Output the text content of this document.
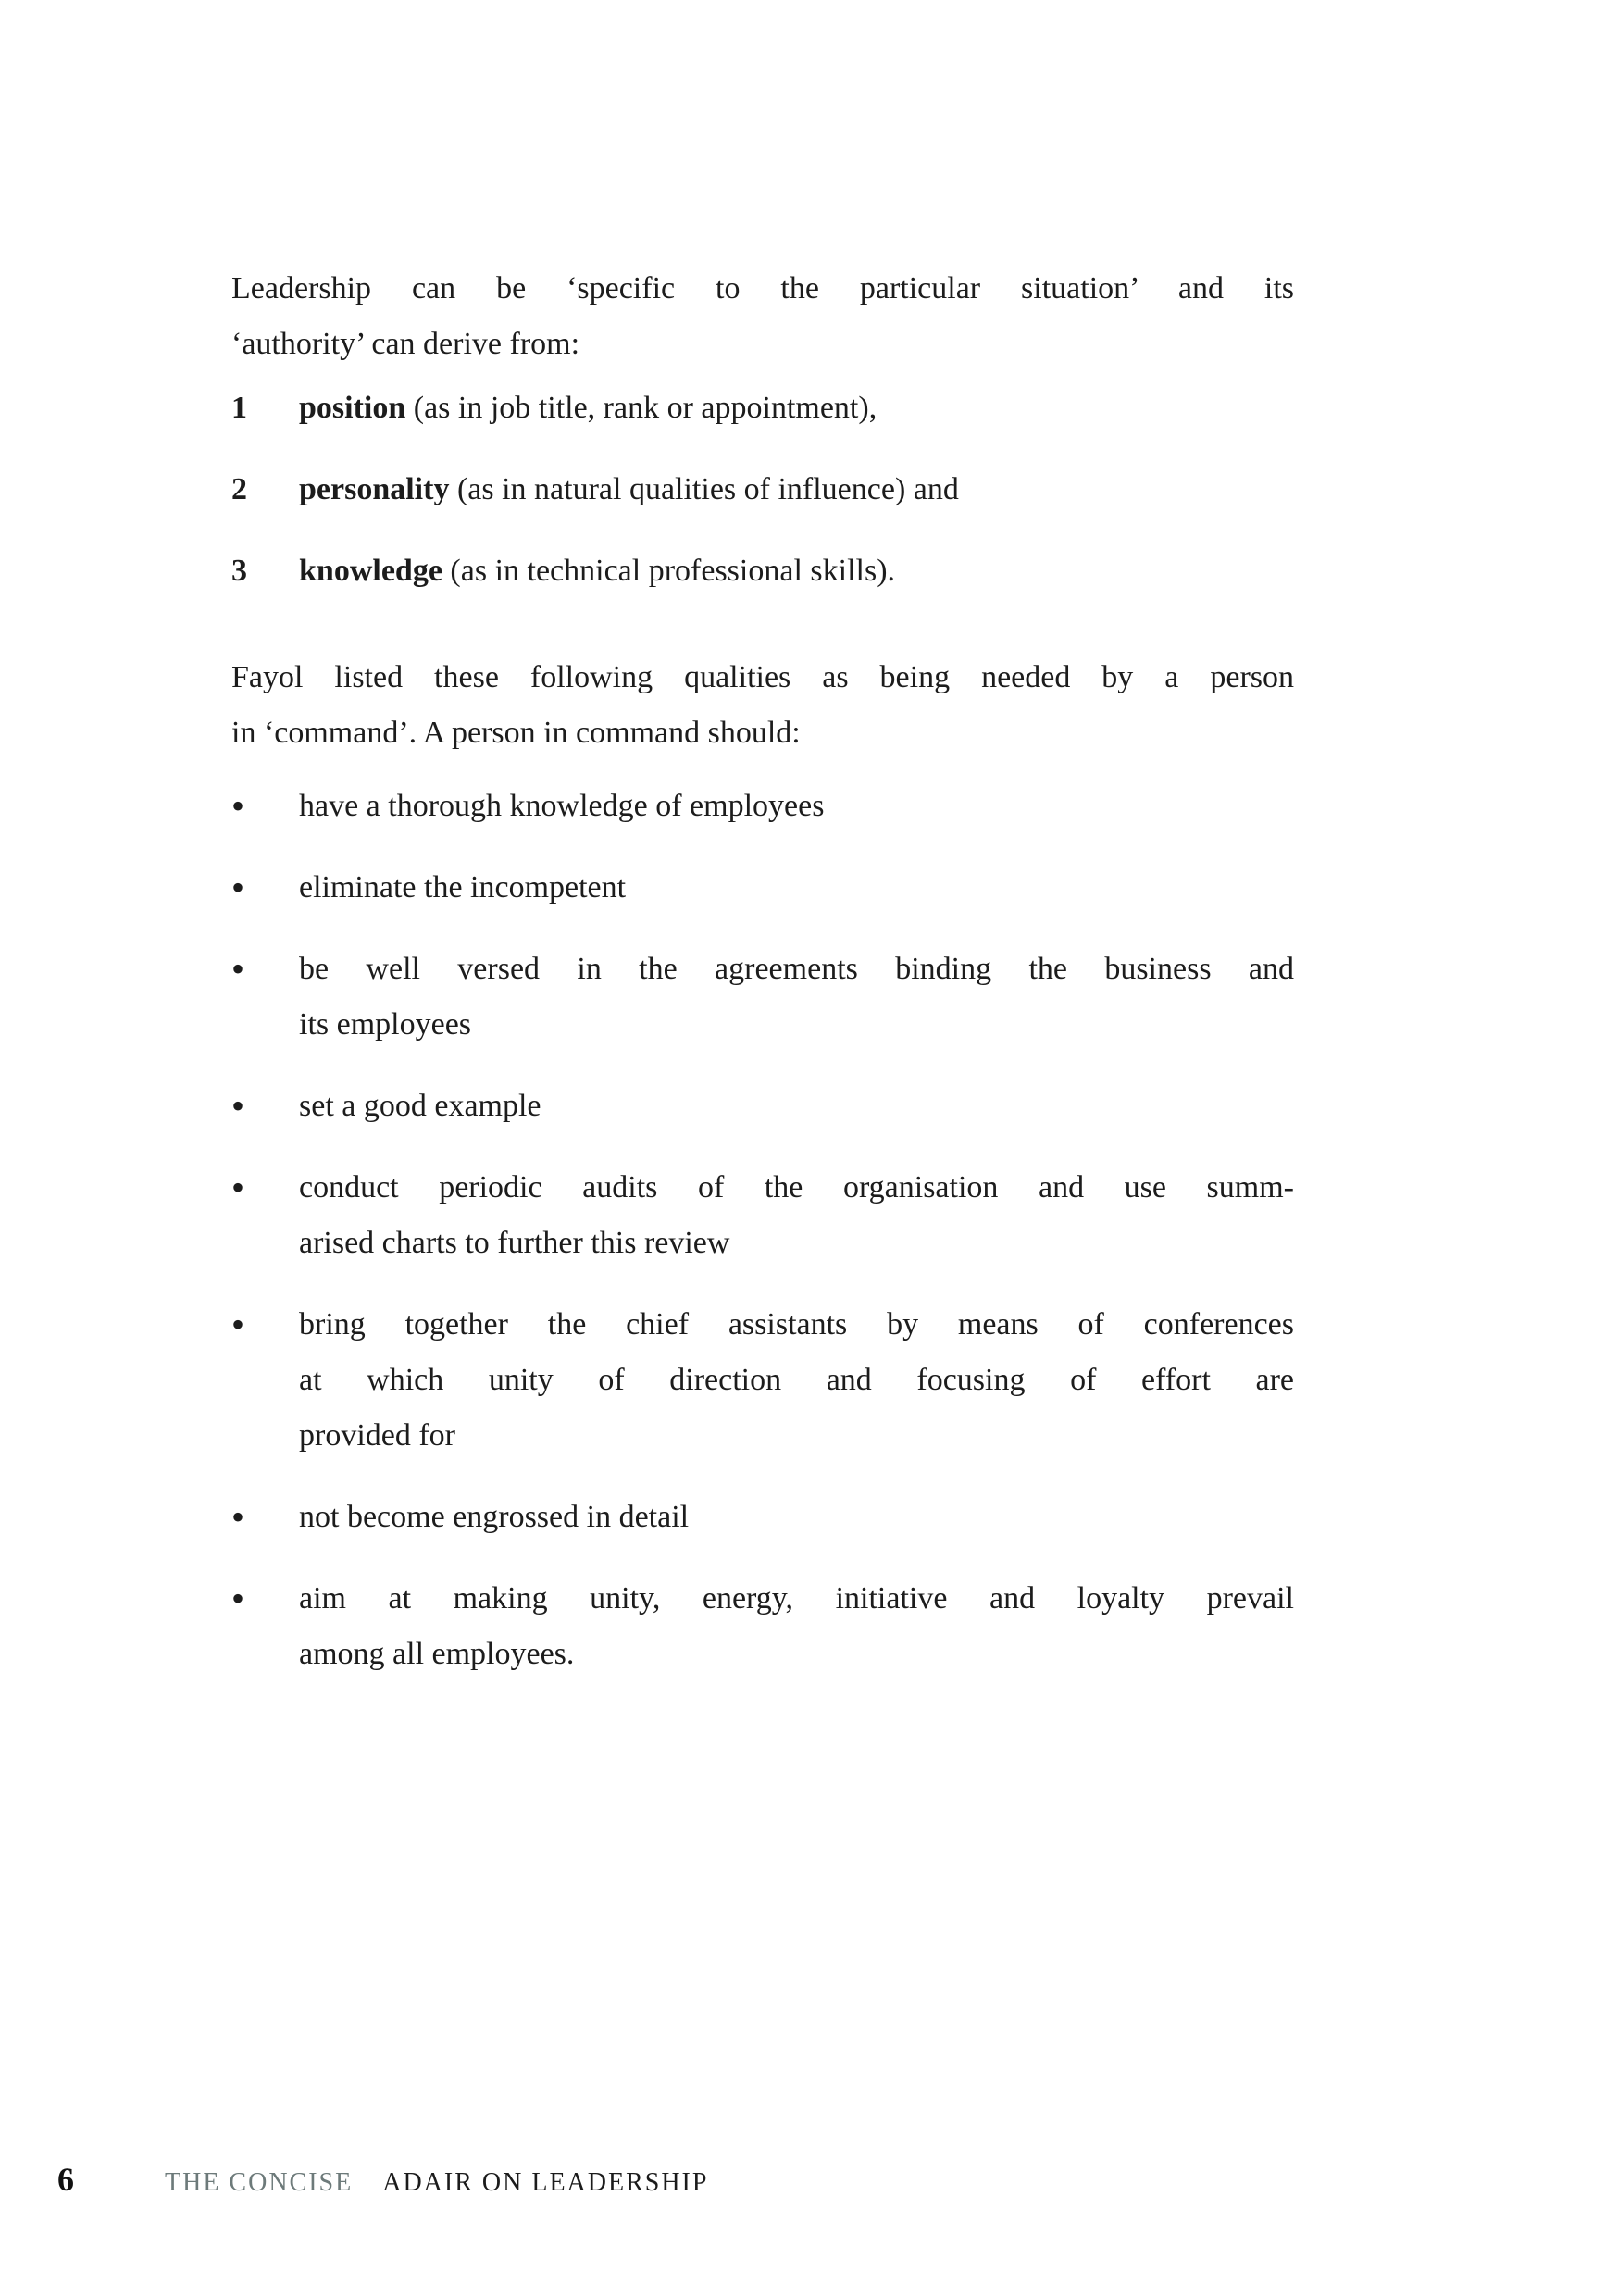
Leadership can be ‘specific to the particular situation’ and its
‘authority’ can derive from:
1	position (as in job title, rank or appointment),
2	personality (as in natural qualities of influence) and
3	knowledge (as in technical professional skills).
Fayol listed these following qualities as being needed by a person
in ‘command’. A person in command should:
•	have a thorough knowledge of employees
•	eliminate the incompetent
•	be well versed in the agreements binding the business and
its employees
•	set a good example
•	conduct periodic audits of the organisation and use summ-
arised charts to further this review
•	bring together the chief assistants by means of conferences
at which unity of direction and focusing of effort are
provided for
•	not become engrossed in detail
•	aim at making unity, energy, initiative and loyalty prevail
among all employees.
6	THE CONCISE ADAIR ON LEADERSHIP
